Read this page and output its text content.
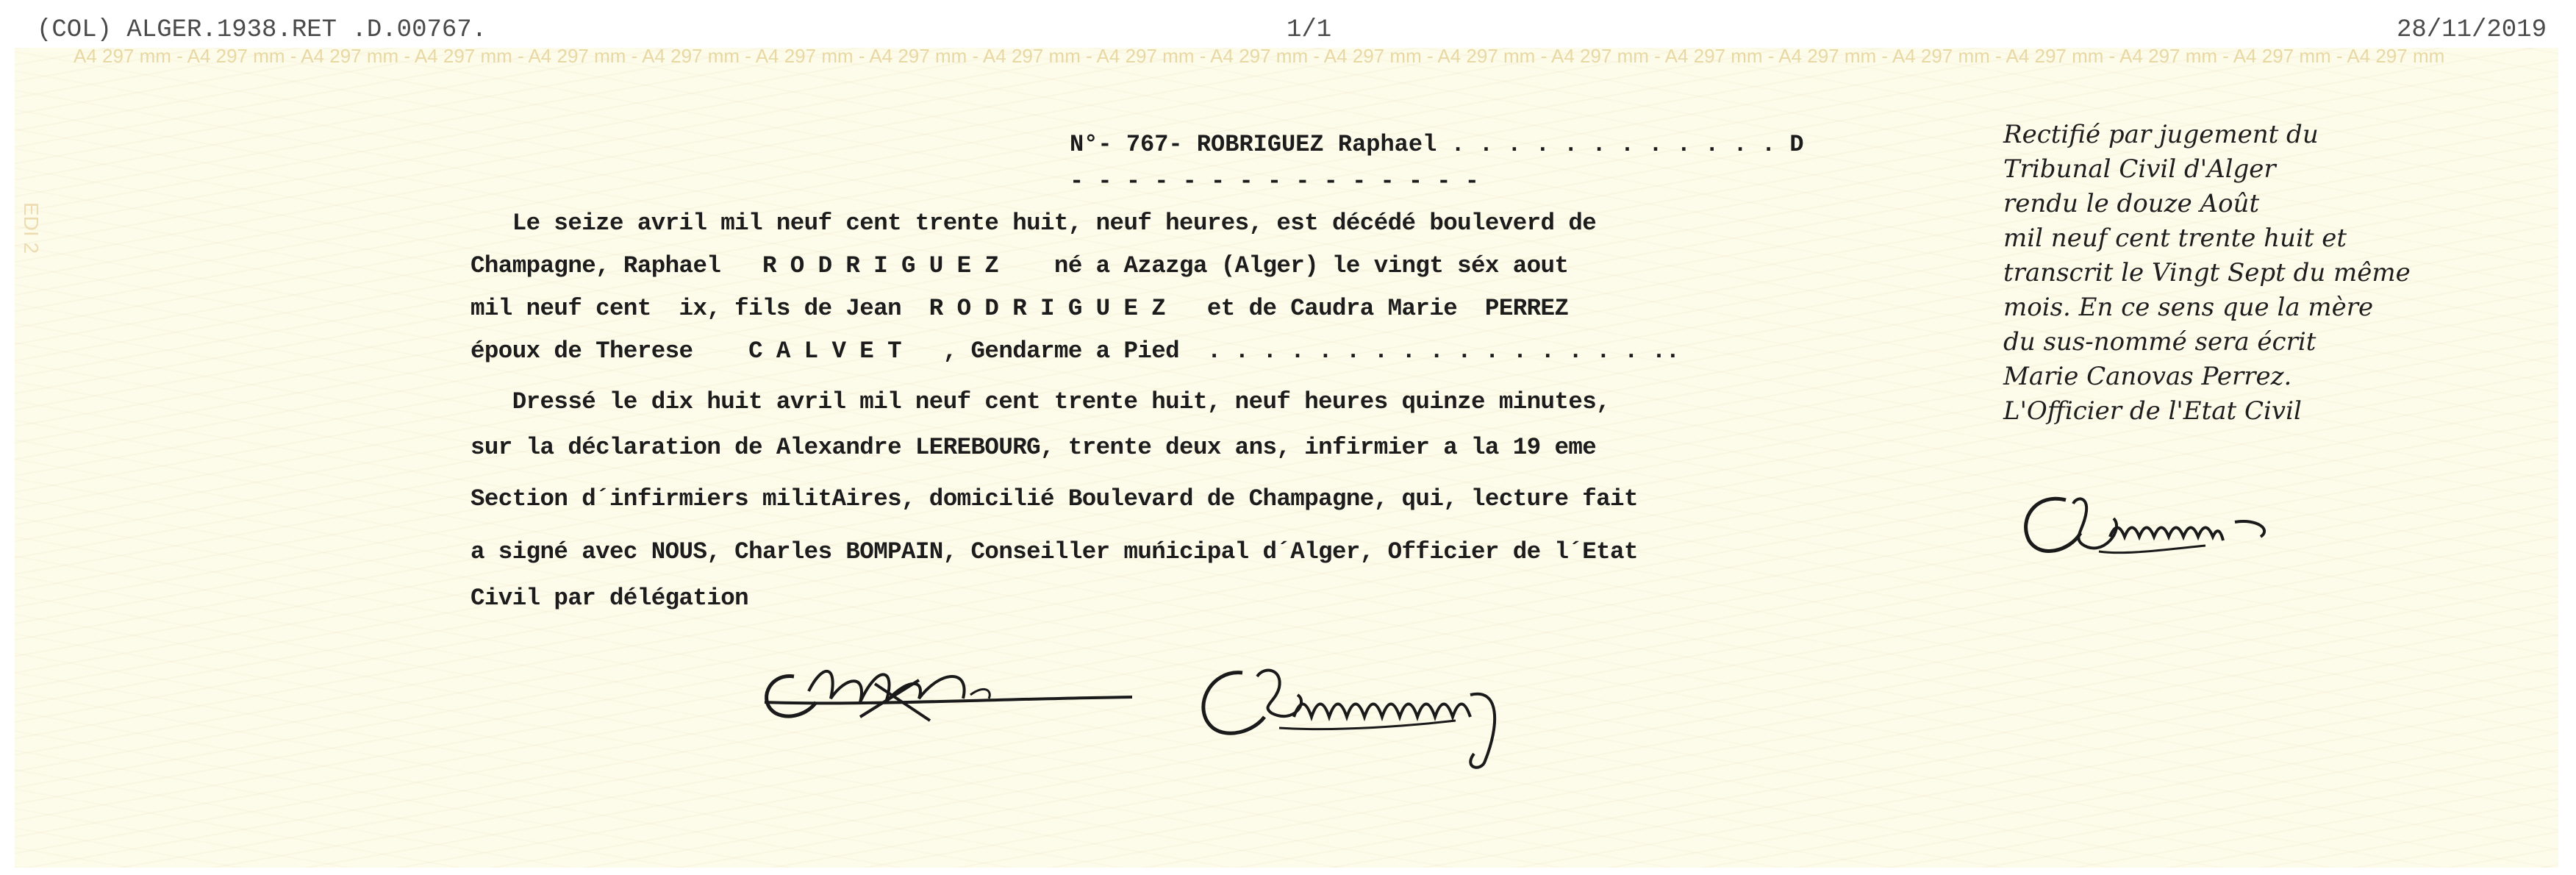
A4 297 mm - A4 297 mm - A4 297 mm - A4 297 mm - A4 297 mm - A4 297 mm - A4 297 mm - A4 297 mm - A4 297 mm - A4 297 mm - A4 297 mm - A4 297 mm - A4 297 mm - A4 297 mm - A4 297 mm - A4 297 mm - A4 297 mm - A4 297 mm - A4 297 mm - A4 297 mm - A4 297 mm
EDI 2
(COL) ALGER.1938.RET .D.00767.	1/1	28/11/2019
N°- 767- ROBRIGUEZ Raphael . . . . . . . . . . . . D
- - - - - - - - - - - - - - -
Le seize avril mil neuf cent trente huit, neuf heures, est décédé bouleverd de
Champagne, Raphael   R O D R I G U E Z    né a Azazga (Alger) le vingt séx aout
mil neuf cent  ix, fils de Jean  R O D R I G U E Z   et de Caudra Marie  PERREZ
époux de Therese    C A L V E T   , Gendarme a Pied  . . . . . . . . . . . . . . . . ..
Dressé le dix huit avril mil neuf cent trente huit, neuf heures quinze minutes,
sur la déclaration de Alexandre LEREBOURG, trente deux ans, infirmier a la 19 eme
Section d´infirmiers militAires, domicilié Boulevard de Champagne, qui, lecture fait
a signé avec NOUS, Charles BOMPAIN, Conseiller muńicipal d´Alger, Officier de l´Etat
Civil par délégation
Rectifié par jugement du
Tribunal Civil d'Alger
rendu le douze Août
mil neuf cent trente huit et
transcrit le Vingt Sept du même
mois. En ce sens que la mère
du sus-nommé sera écrit
Marie Canovas Perrez.
L'Officier de l'Etat Civil
